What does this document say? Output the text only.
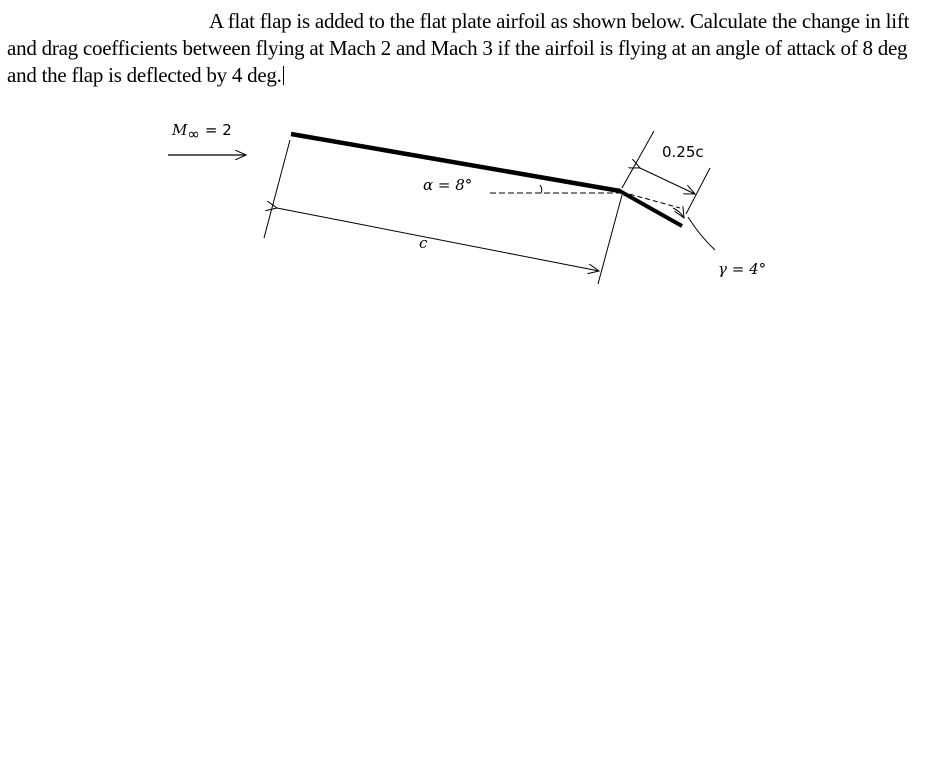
A flat flap is added to the flat plate airfoil as shown below. Calculate the change in lift and drag coefficients between flying at Mach 2 and Mach 3 if the airfoil is flying at an angle of attack of 8 deg and the flap is deflected by 4 deg.

M∞ = 2
α = 8°
c
0.25c
γ = 4°
